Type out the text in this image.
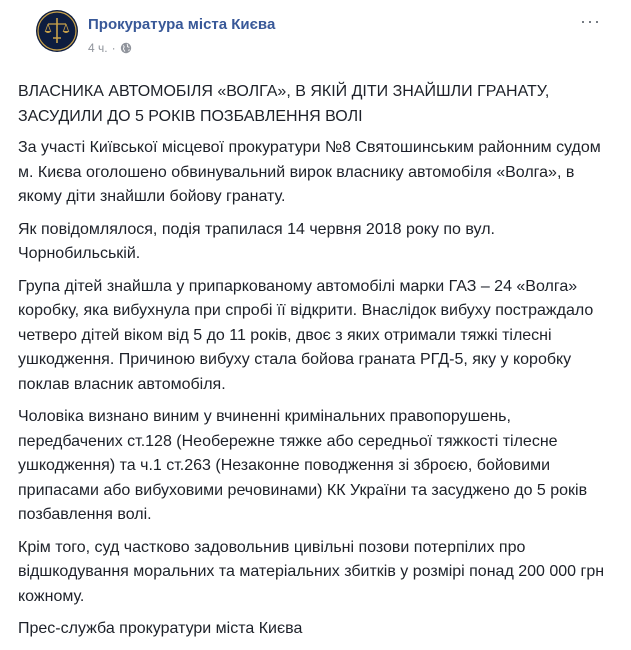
Прокуратура міста Києва
4 ч. ·
···

ВЛАСНИКА АВТОМОБІЛЯ «ВОЛГА», В ЯКІЙ ДІТИ ЗНАЙШЛИ ГРАНАТУ, ЗАСУДИЛИ ДО 5 РОКІВ ПОЗБАВЛЕННЯ ВОЛІ

За участі Київської місцевої прокуратури №8 Святошинським районним судом м. Києва оголошено обвинувальний вирок власнику автомобіля «Волга», в якому діти знайшли бойову гранату.

Як повідомлялося, подія трапилася 14 червня 2018 року по вул. Чорнобильській.

Група дітей знайшла у припаркованому автомобілі марки ГАЗ – 24 «Волга» коробку, яка вибухнула при спробі її відкрити. Внаслідок вибуху постраждало четверо дітей віком від 5 до 11 років, двоє з яких отримали тяжкі тілесні ушкодження. Причиною вибуху стала бойова граната РГД-5, яку у коробку поклав власник автомобіля.

Чоловіка визнано виним у вчиненні кримінальних правопорушень, передбачених ст.128 (Необережне тяжке або середньої тяжкості тілесне ушкодження) та ч.1 ст.263 (Незаконне поводження зі зброєю, бойовими припасами або вибуховими речовинами) КК України та засуджено до 5 років позбавлення волі.

Крім того, суд частково задовольнив цивільні позови потерпілих про відшкодування моральних та матеріальних збитків у розмірі понад 200 000 грн кожному.

Прес-служба прокуратури міста Києва
